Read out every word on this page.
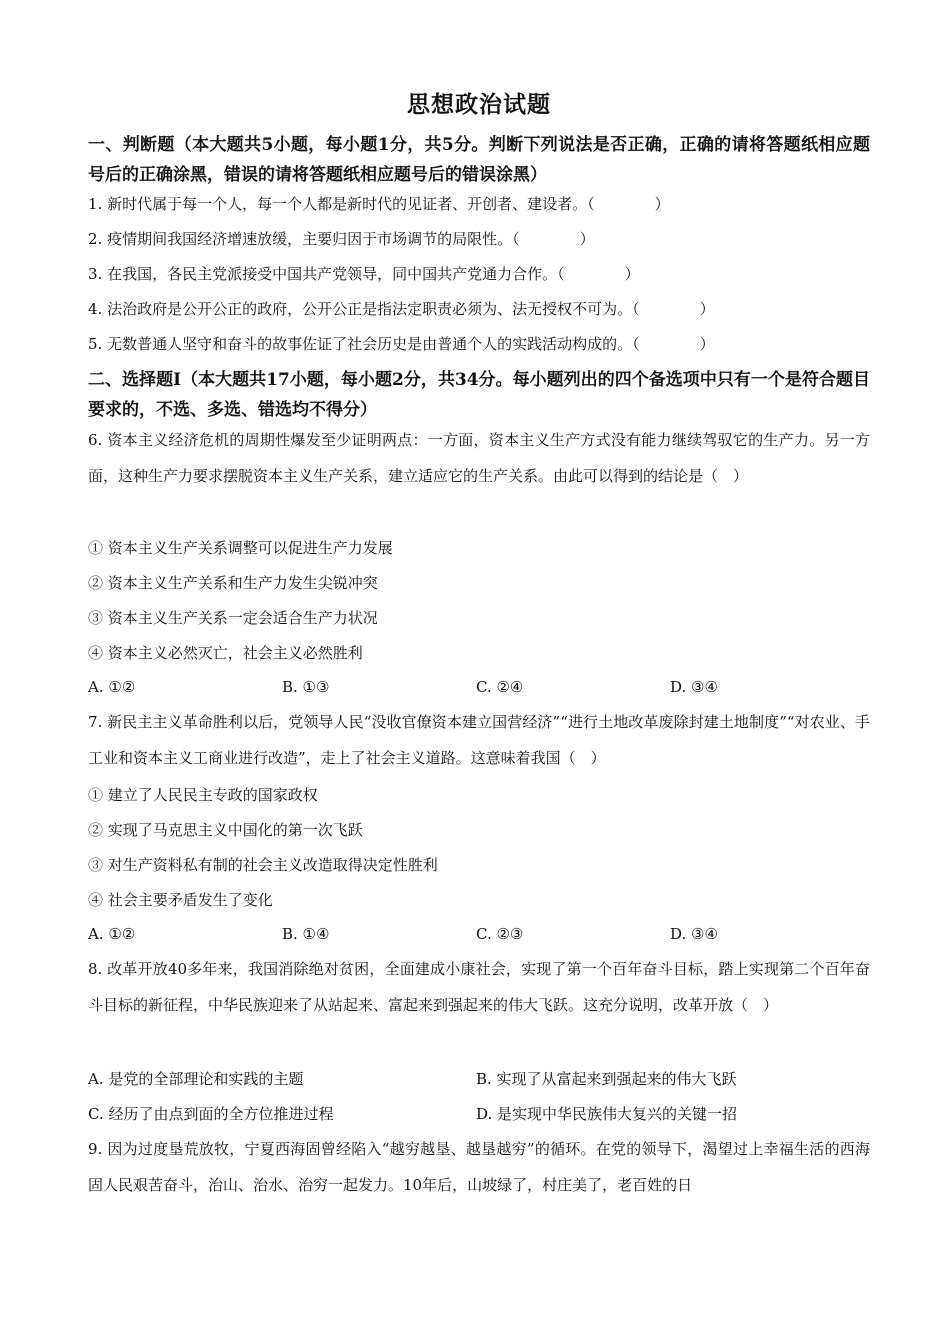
思想政治试题
一、判断题（本大题共5小题，每小题1分，共5分。判断下列说法是否正确，正确的请将答题纸相应题号后的正确涂黑，错误的请将答题纸相应题号后的错误涂黑）
1. 新时代属于每一个人，每一个人都是新时代的见证者、开创者、建设者。（	）
2. 疫情期间我国经济增速放缓，主要归因于市场调节的局限性。（	）
3. 在我国，各民主党派接受中国共产党领导，同中国共产党通力合作。（	）
4. 法治政府是公开公正的政府，公开公正是指法定职责必须为、法无授权不可为。（	）
5. 无数普通人坚守和奋斗的故事佐证了社会历史是由普通个人的实践活动构成的。（	）
二、选择题Ⅰ（本大题共17小题，每小题2分，共34分。每小题列出的四个备选项中只有一个是符合题目要求的，不选、多选、错选均不得分）
6. 资本主义经济危机的周期性爆发至少证明两点：一方面，资本主义生产方式没有能力继续驾驭它的生产力。另一方面，这种生产力要求摆脱资本主义生产关系，建立适应它的生产关系。由此可以得到的结论是（　）
① 资本主义生产关系调整可以促进生产力发展
② 资本主义生产关系和生产力发生尖锐冲突
③ 资本主义生产关系一定会适合生产力状况
④ 资本主义必然灭亡，社会主义必然胜利
A. ①②	B. ①③	C. ②④	D. ③④
7. 新民主主义革命胜利以后，党领导人民“没收官僚资本建立国营经济”“进行土地改革废除封建土地制度”“对农业、手工业和资本主义工商业进行改造”，走上了社会主义道路。这意味着我国（　）
① 建立了人民民主专政的国家政权
② 实现了马克思主义中国化的第一次飞跃
③ 对生产资料私有制的社会主义改造取得决定性胜利
④ 社会主要矛盾发生了变化
A. ①②	B. ①④	C. ②③	D. ③④
8. 改革开放40多年来，我国消除绝对贫困，全面建成小康社会，实现了第一个百年奋斗目标，踏上实现第二个百年奋斗目标的新征程，中华民族迎来了从站起来、富起来到强起来的伟大飞跃。这充分说明，改革开放（　）
A. 是党的全部理论和实践的主题	B. 实现了从富起来到强起来的伟大飞跃
C. 经历了由点到面的全方位推进过程	D. 是实现中华民族伟大复兴的关键一招
9. 因为过度垦荒放牧，宁夏西海固曾经陷入“越穷越垦、越垦越穷”的循环。在党的领导下，渴望过上幸福生活的西海固人民艰苦奋斗，治山、治水、治穷一起发力。10年后，山坡绿了，村庄美了，老百姓的日
